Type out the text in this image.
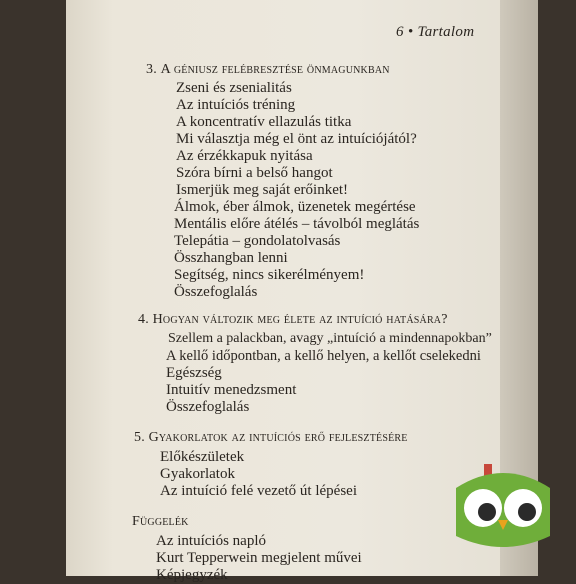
6 • Tartalom
3. A géniusz felébresztése önmagunkban
Zseni és zsenialitás
Az intuíciós tréning
A koncentratív ellazulás titka
Mi választja még el önt az intuíciójától?
Az érzékkapuk nyitása
Szóra bírni a belső hangot
Ismerjük meg saját erőinket!
Álmok, éber álmok, üzenetek megértése
Mentális előre átélés – távolból meglátás
Telepátia – gondolatolvasás
Összhangban lenni
Segítség, nincs sikerélményem!
Összefoglalás
4. Hogyan változik meg élete az intuíció hatására?
Szellem a palackban, avagy „intuíció a mindennapokban”
A kellő időpontban, a kellő helyen, a kellőt cselekedni
Egészség
Intuitív menedzsment
Összefoglalás
5. Gyakorlatok az intuíciós erő fejlesztésére
Előkészületek
Gyakorlatok
Az intuíció felé vezető út lépései
Függelék
Az intuíciós napló
Kurt Tepperwein megjelent művei
Képjegyzék
